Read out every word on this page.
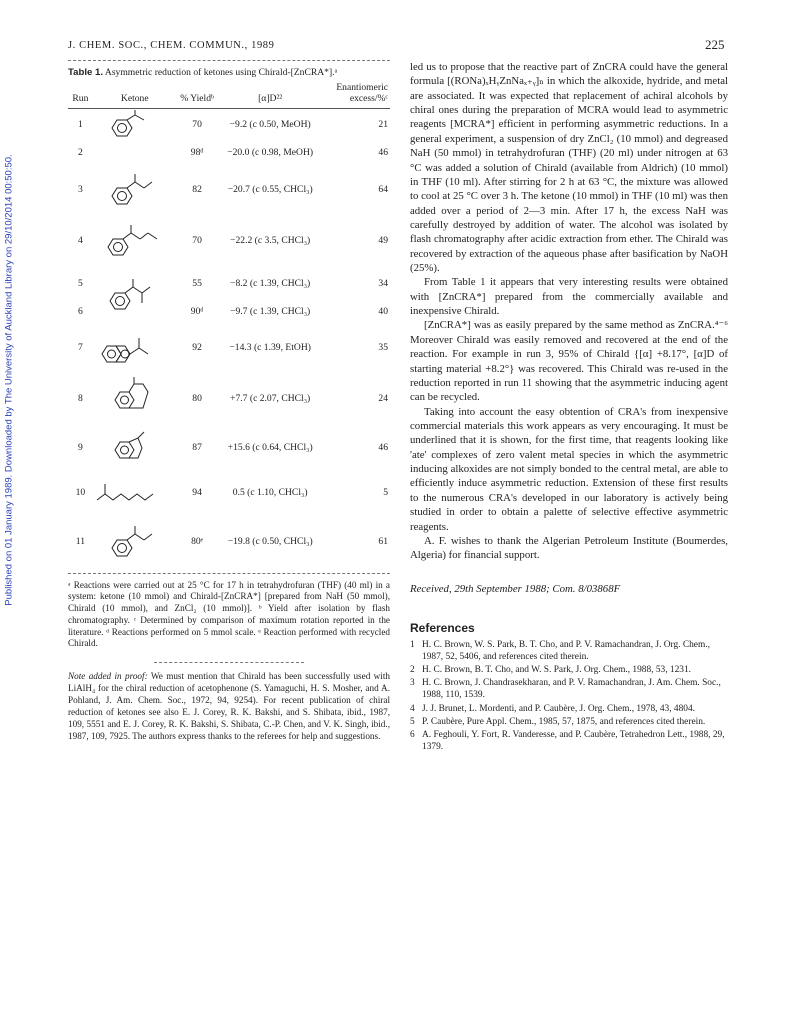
Published on 01 January 1989. Downloaded by The University of Auckland Library on 29/10/2014 00:50:50.
J. CHEM. SOC., CHEM. COMMUN., 1989	225
Table 1. Asymmetric reduction of ketones using Chirald-[ZnCRA*].ᵃ
Run	Ketone	% Yieldᵇ	[α]D²²	Enantiomeric excess/%ᶜ
1		70	−9.2 (c 0.50, MeOH)	21
2		98ᵈ	−20.0 (c 0.98, MeOH)	46
3		82	−20.7 (c 0.55, CHCl₃)	64
4		70	−22.2 (c 3.5, CHCl₃)	49
5		55	−8.2 (c 1.39, CHCl₃)	34
6		90ᵈ	−9.7 (c 1.39, CHCl₃)	40
7		92	−14.3 (c 1.39, EtOH)	35
8		80	+7.7 (c 2.07, CHCl₃)	24
9		87	+15.6 (c 0.64, CHCl₃)	46
10		94	0.5 (c 1.10, CHCl₃)	5
11		80ᵉ	−19.8 (c 0.50, CHCl₃)	61
ᵃ Reactions were carried out at 25 °C for 17 h in tetrahydrofuran (THF) (40 ml) in a system: ketone (10 mmol) and Chirald-[ZnCRA*] [prepared from NaH (50 mmol), Chirald (10 mmol), and ZnCl₂ (10 mmol)]. ᵇ Yield after isolation by flash chromatography. ᶜ Determined by comparison of maximum rotation reported in the literature. ᵈ Reactions performed on 5 mmol scale. ᵉ Reaction performed with recycled Chirald.
Note added in proof: We must mention that Chirald has been successfully used with LiAlH₄ for the chiral reduction of acetophenone (S. Yamaguchi, H. S. Mosher, and A. Pohland, J. Am. Chem. Soc., 1972, 94, 9254). For recent publication of chiral reduction of ketones see also E. J. Corey, R. K. Bakshi, and S. Shibata, ibid., 1987, 109, 5551 and E. J. Corey, R. K. Bakshi, S. Shibata, C.-P. Chen, and V. K. Singh, ibid., 1987, 109, 7925. The authors express thanks to the referees for help and suggestions.

led us to propose that the reactive part of ZnCRA could have the general formula [(RONa)ₓHᵧZnNaₓ₊ᵧ]ₙ in which the alkoxide, hydride, and metal are associated. It was expected that replacement of achiral alcohols by chiral ones during the preparation of MCRA would lead to asymmetric reagents [MCRA*] efficient in performing asymmetric reductions. In a general experiment, a suspension of dry ZnCl₂ (10 mmol) and degreased NaH (50 mmol) in tetrahydrofuran (THF) (20 ml) under nitrogen at 63 °C was added a solution of Chirald (available from Aldrich) (10 mmol) in THF (10 ml). After stirring for 2 h at 63 °C, the mixture was allowed to cool at 25 °C over 3 h. The ketone (10 mmol) in THF (10 ml) was then added over a period of 2—3 min. After 17 h, the excess NaH was carefully destroyed by addition of water. The alcohol was isolated by flash chromatography after acidic extraction from ether. The Chirald was recovered by extraction of the aqueous phase after basification by NaOH (25%).

From Table 1 it appears that very interesting results were obtained with [ZnCRA*] prepared from the commercially available and inexpensive Chirald.

[ZnCRA*] was as easily prepared by the same method as ZnCRA.⁴⁻⁶ Moreover Chirald was easily removed and recovered at the end of the reaction. For example in run 3, 95% of Chirald {[α] +8.17°, [α]D of starting material +8.2°} was recovered. This Chirald was re-used in the reduction reported in run 11 showing that the asymmetric inducing agent can be recycled.

Taking into account the easy obtention of CRA's from inexpensive commercial materials this work appears as very encouraging. It must be underlined that it is shown, for the first time, that reagents looking like 'ate' complexes of zero valent metal species in which the asymmetric inducing alkoxides are not simply bonded to the central metal, are able to efficiently induce asymmetric reduction. Extension of these first results to the numerous CRA's developed in our laboratory is actively being studied in order to obtain a palette of selective effective asymmetric reagents.

A. F. wishes to thank the Algerian Petroleum Institute (Boumerdes, Algeria) for financial support.

Received, 29th September 1988; Com. 8/03868F
References
1 H. C. Brown, W. S. Park, B. T. Cho, and P. V. Ramachandran, J. Org. Chem., 1987, 52, 5406, and references cited therein.
2 H. C. Brown, B. T. Cho, and W. S. Park, J. Org. Chem., 1988, 53, 1231.
3 H. C. Brown, J. Chandrasekharan, and P. V. Ramachandran, J. Am. Chem. Soc., 1988, 110, 1539.
4 J. J. Brunet, L. Mordenti, and P. Caubère, J. Org. Chem., 1978, 43, 4804.
5 P. Caubère, Pure Appl. Chem., 1985, 57, 1875, and references cited therein.
6 A. Feghouli, Y. Fort, R. Vanderesse, and P. Caubère, Tetrahedron Lett., 1988, 29, 1379.
